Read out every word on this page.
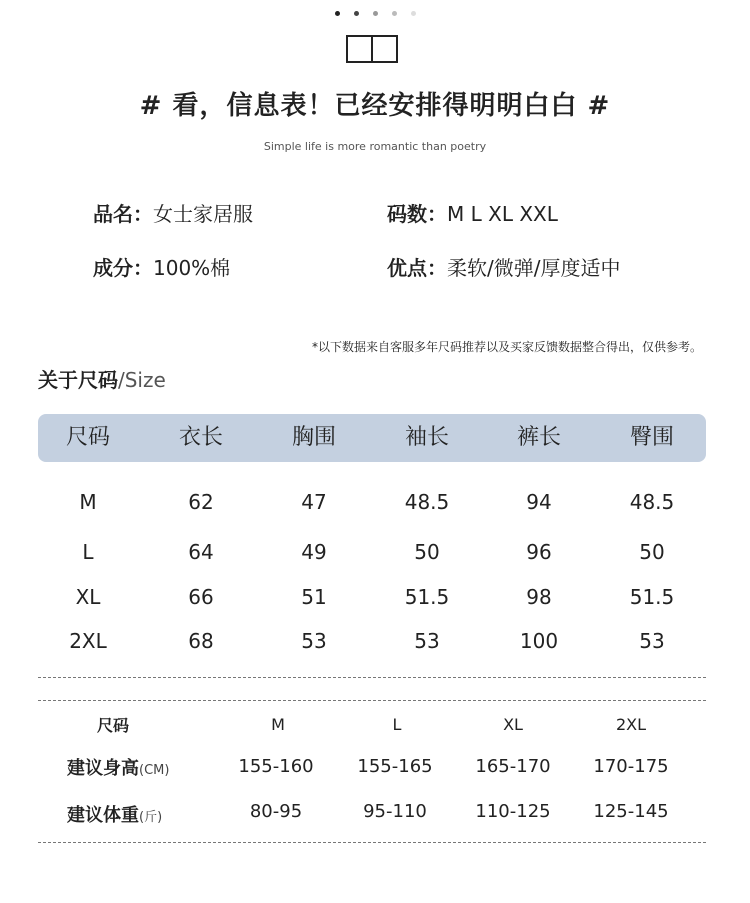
# 看，信息表！已经安排得明明白白 #
Simple life is more romantic than poetry
品名：女士家居服	码数：M L XL XXL
成分：100%棉	优点：柔软/微弹/厚度适中
*以下数据来自客服多年尺码推荐以及买家反馈数据整合得出，仅供参考。
关于尺码/Size
尺码	衣长	胸围	袖长	裤长	臀围
M	62	47	48.5	94	48.5
L	64	49	50	96	50
XL	66	51	51.5	98	51.5
2XL	68	53	53	100	53
尺码	M	L	XL	2XL
建议身高(CM)	155-160	155-165	165-170	170-175
建议体重(斤)	80-95	95-110	110-125	125-145
